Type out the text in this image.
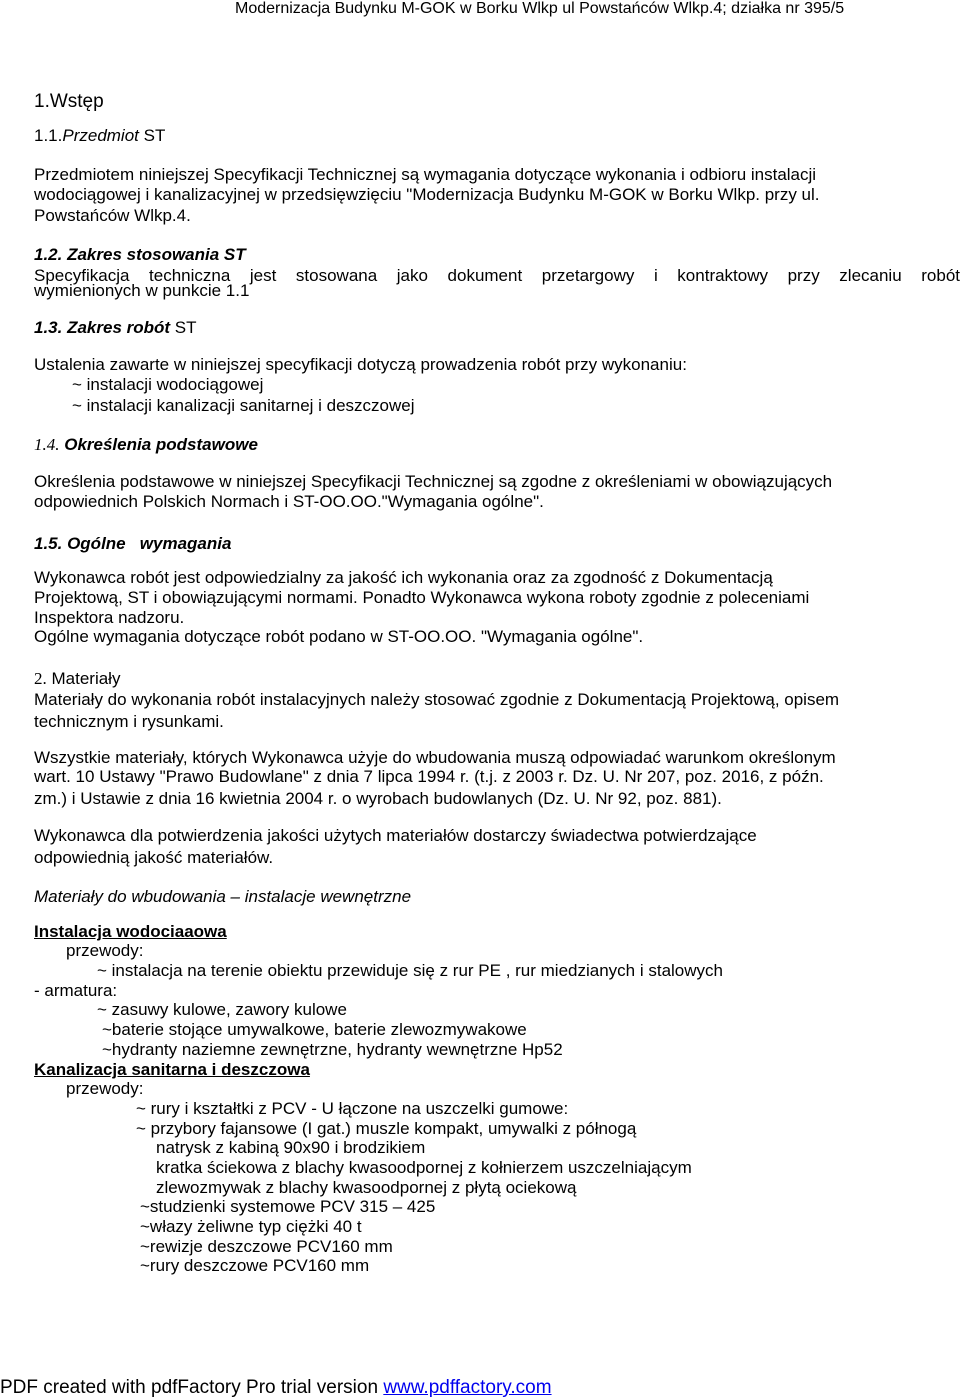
Modernizacja Budynku M-GOK w Borku Wlkp ul Powstańców Wlkp.4; działka nr 395/5
1.Wstęp
1.1.Przedmiot ST
Przedmiotem niniejszej Specyfikacji Technicznej są wymagania dotyczące wykonania i odbioru instalacji
wodociągowej i kanalizacyjnej w przedsięwzięciu "Modernizacja Budynku M-GOK w Borku Wlkp. przy ul.
Powstańców Wlkp.4.
1.2. Zakres stosowania ST
Specyfikacja techniczna jest stosowana jako dokument przetargowy i kontraktowy przy zlecaniu robót
wymienionych w punkcie 1.1
1.3. Zakres robót ST
Ustalenia zawarte w niniejszej specyfikacji dotyczą prowadzenia robót przy wykonaniu:
~ instalacji wodociągowej
~ instalacji kanalizacji sanitarnej i deszczowej
1.4. Określenia podstawowe
Określenia podstawowe w niniejszej Specyfikacji Technicznej są zgodne z określeniami w obowiązujących
odpowiednich Polskich Normach i ST-OO.OO."Wymagania ogólne".
1.5. Ogólne   wymagania
Wykonawca robót jest odpowiedzialny za jakość ich wykonania oraz za zgodność z Dokumentacją
Projektową, ST i obowiązującymi normami. Ponadto Wykonawca wykona roboty zgodnie z poleceniami
Inspektora nadzoru.
Ogólne wymagania dotyczące robót podano w ST-OO.OO. "Wymagania ogólne".
2. Materiały
Materiały do wykonania robót instalacyjnych należy stosować zgodnie z Dokumentacją Projektową, opisem
technicznym i rysunkami.
Wszystkie materiały, których Wykonawca użyje do wbudowania muszą odpowiadać warunkom określonym
wart. 10 Ustawy "Prawo Budowlane" z dnia 7 lipca 1994 r. (t.j. z 2003 r. Dz. U. Nr 207, poz. 2016, z późn.
zm.) i Ustawie z dnia 16 kwietnia 2004 r. o wyrobach budowlanych (Dz. U. Nr 92, poz. 881).
Wykonawca dla potwierdzenia jakości użytych materiałów dostarczy świadectwa potwierdzające
odpowiednią jakość materiałów.
Materiały do wbudowania – instalacje wewnętrzne
Instalacja wodociaaowa
przewody:
~ instalacja na terenie obiektu przewiduje się z rur PE , rur miedzianych i stalowych
- armatura:
~ zasuwy kulowe, zawory kulowe
~baterie stojące umywalkowe, baterie zlewozmywakowe
~hydranty naziemne zewnętrzne, hydranty wewnętrzne Hp52
Kanalizacja sanitarna i deszczowa
przewody:
~ rury i kształtki z PCV - U łączone na uszczelki gumowe:
~ przybory fajansowe (I gat.) muszle kompakt, umywalki z półnogą
natrysk z kabiną 90x90 i brodzikiem
kratka ściekowa z blachy kwasoodpornej z kołnierzem uszczelniającym
zlewozmywak z blachy kwasoodpornej z płytą ociekową
~studzienki systemowe PCV 315 – 425
~włazy żeliwne typ ciężki 40 t
~rewizje deszczowe PCV160 mm
~rury deszczowe PCV160 mm
PDF created with pdfFactory Pro trial version www.pdffactory.com
